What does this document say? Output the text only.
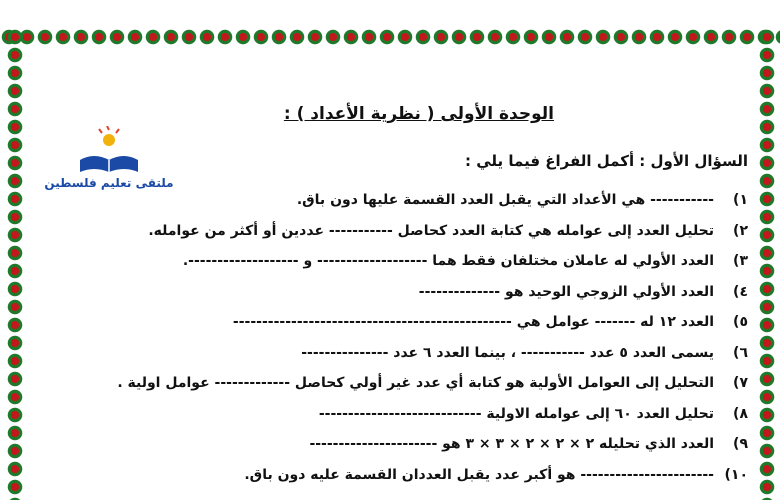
الوحدة الأولى ( نظرية الأعداد ) :
ملتقى تعليم فلسطين
السؤال الأول : أكمل الفراغ فيما يلي :
١)
----------- هي الأعداد التي يقبل العدد القسمة عليها دون باق.
٢)
تحليل العدد إلى عوامله هي كتابة العدد كحاصل ----------- عددين أو أكثر من عوامله.
٣)
العدد الأولي له عاملان مختلفان فقط هما ------------------- و -------------------.
٤)
العدد الأولي الزوجي الوحيد هو --------------
٥)
العدد ١٢ له ------- عوامل هي ------------------------------------------------
٦)
يسمى العدد ٥ عدد ----------- ، بينما العدد ٦ عدد ---------------
٧)
التحليل إلى العوامل الأولية هو كتابة أي عدد غير أولي كحاصل ------------- عوامل اولية .
٨)
تحليل العدد ٦٠ إلى عوامله الاولية ----------------------------
٩)
العدد الذي تحليله ٢ × ٢ × ٢ × ٣ × ٣ هو ----------------------
١٠)
----------------------- هو أكبر عدد يقبل العددان القسمة عليه دون باق.
